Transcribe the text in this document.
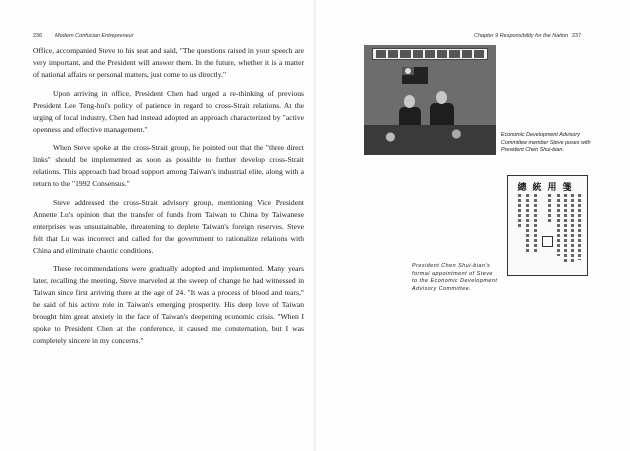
236 Modern Confucian Entrepreneur	Chapter 9 Responsibility for the Nation 237

Office, accompanied Steve to his seat and said, "The questions raised in your speech are very important, and the President will answer them. In the future, whether it is a matter of national affairs or personal matters, just come to us directly."

Upon arriving in office, President Chen had urged a re-thinking of previous President Lee Teng-hui's policy of patience in regard to cross-Strait relations. At the urging of local industry, Chen had instead adopted an approach characterized by "active openness and effective management."

When Steve spoke at the cross-Strait group, he pointed out that the "three direct links" should be implemented as soon as possible to further develop cross-Strait relations. This approach had broad support among Taiwan's industrial elite, along with a return to the "1992 Consensus."

Steve addressed the cross-Strait advisory group, mentioning Vice President Annette Lu's opinion that the transfer of funds from Taiwan to China by Taiwanese enterprises was unsustainable, threatening to deplete Taiwan's foreign reserves. Steve felt that Lu was incorrect and called for the government to rationalize relations with China and eliminate chaotic conditions.

These recommendations were gradually adopted and implemented. Many years later, recalling the meeting, Steve marveled at the sweep of change he had witnessed in Taiwan since first arriving there at the age of 24. "It was a process of blood and tears," he said of his active role in Taiwan's emerging prosperity. His deep love of Taiwan brought him great anxiety in the face of Taiwan's deepening economic crisis. "When I spoke to President Chen at the conference, it caused me consternation, but I was completely sincere in my concerns."

Economic Development Advisory Committee member Steve poses with President Chen Shui-bian.
總統用箋
President Chen Shui-bian's formal appointment of Steve to the Economic Development Advisory Committee.
